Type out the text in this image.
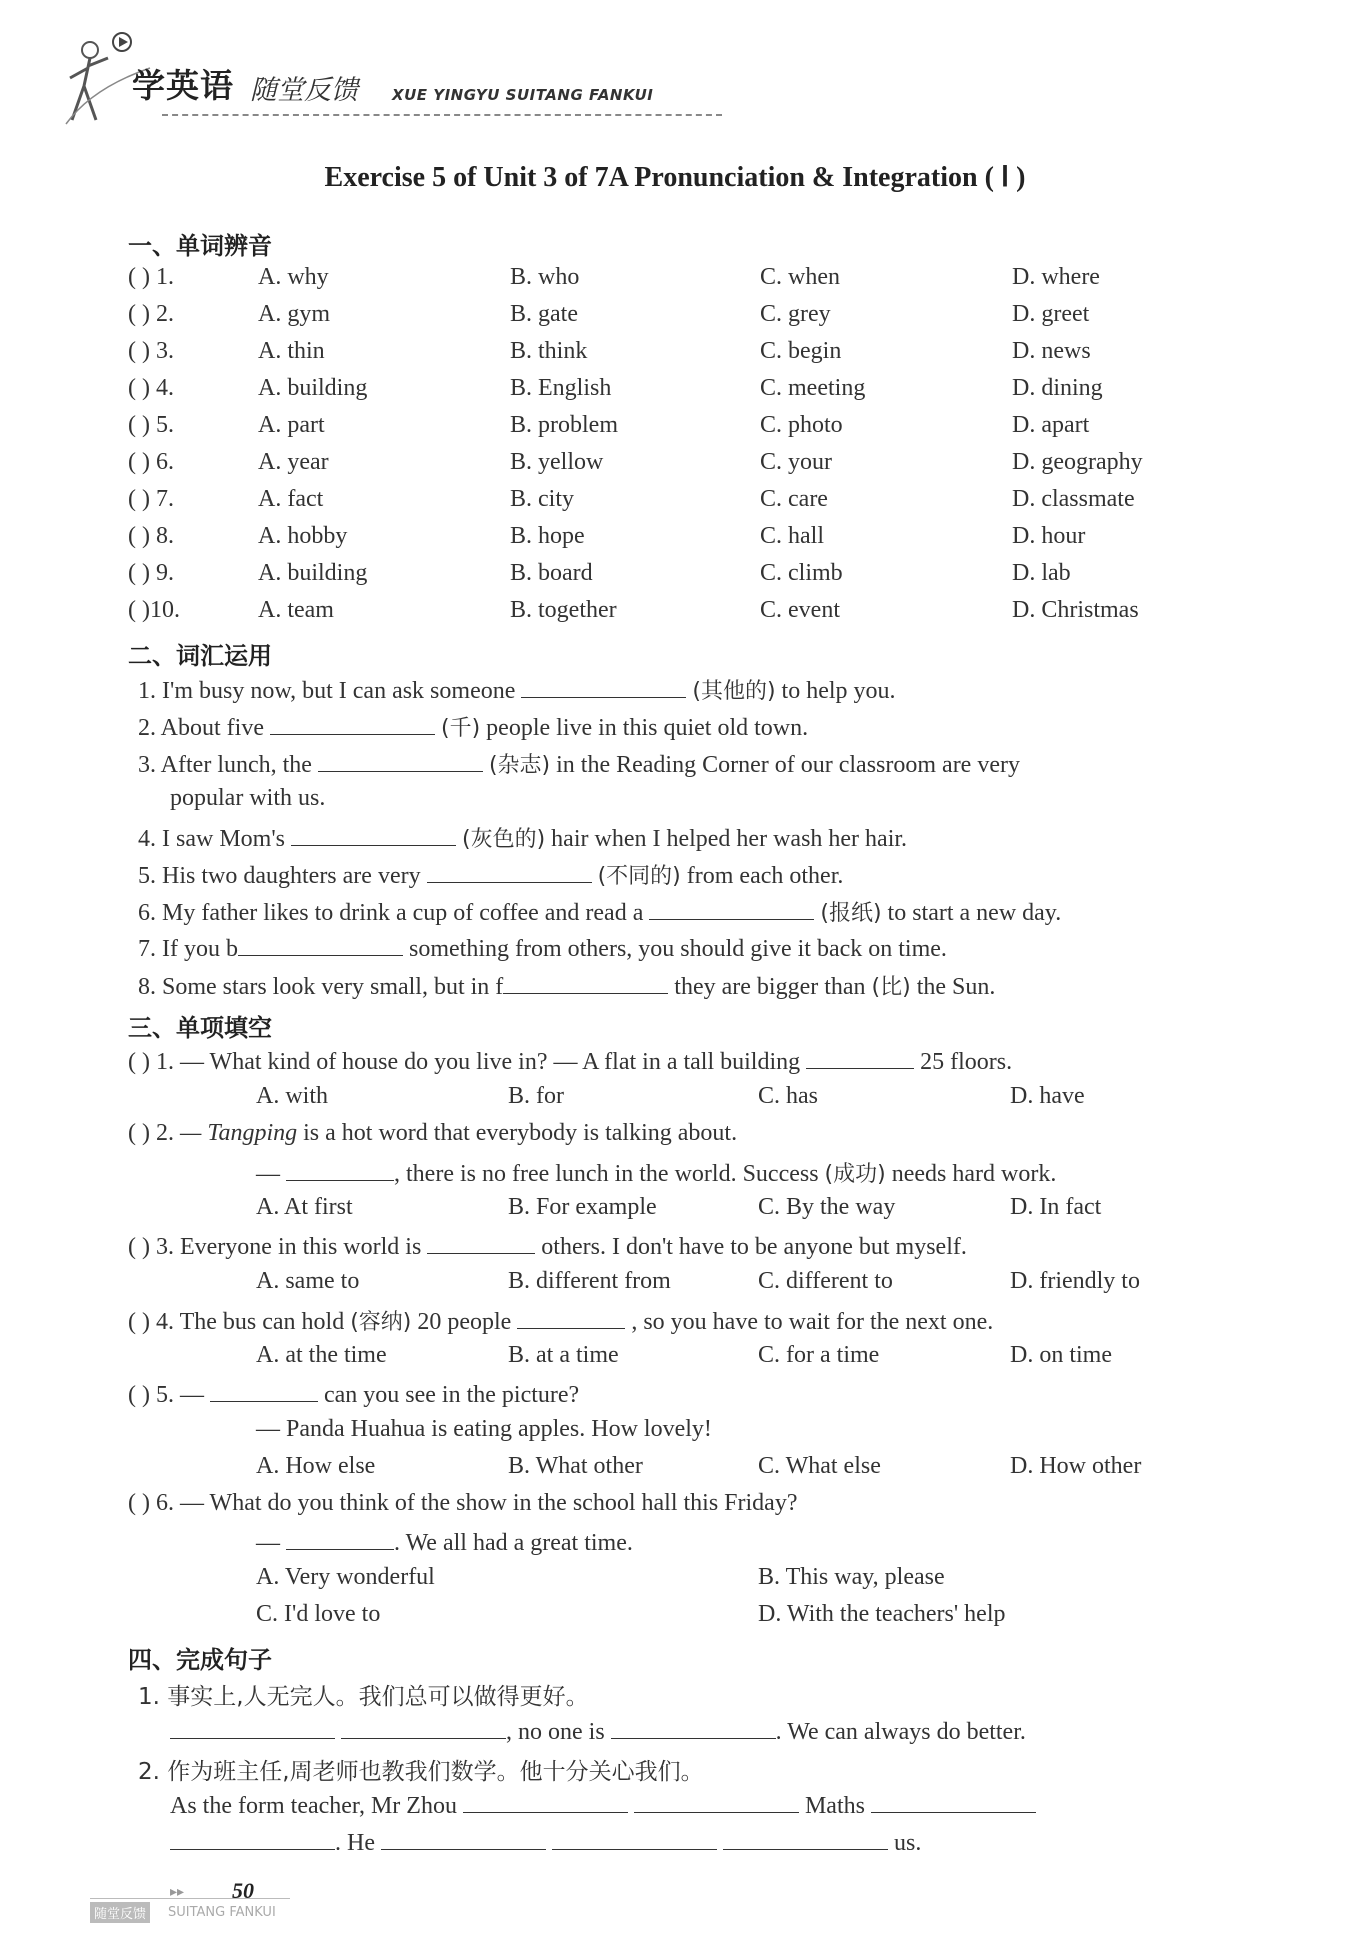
学英语 随堂反馈 XUE YINGYU SUITANG FANKUI
Exercise 5 of Unit 3 of 7A Pronunciation & Integration ( Ⅰ )
一、单词辨音
( ) 1.	A. why	B. who	C. when	D. where
( ) 2.	A. gym	B. gate	C. grey	D. greet
( ) 3.	A. thin	B. think	C. begin	D. news
( ) 4.	A. building	B. English	C. meeting	D. dining
( ) 5.	A. part	B. problem	C. photo	D. apart
( ) 6.	A. year	B. yellow	C. your	D. geography
( ) 7.	A. fact	B. city	C. care	D. classmate
( ) 8.	A. hobby	B. hope	C. hall	D. hour
( ) 9.	A. building	B. board	C. climb	D. lab
( )10.	A. team	B. together	C. event	D. Christmas
二、词汇运用
1. I'm busy now, but I can ask someone	(其他的) to help you.
2. About five	(千) people live in this quiet old town.
3. After lunch, the	(杂志) in the Reading Corner of our classroom are very
popular with us.
4. I saw Mom's	(灰色的) hair when I helped her wash her hair.
5. His two daughters are very	(不同的) from each other.
6. My father likes to drink a cup of coffee and read a	(报纸) to start a new day.
7. If you b	something from others, you should give it back on time.
8. Some stars look very small, but in f	they are bigger than (比) the Sun.
三、单项填空
( ) 1. — What kind of house do you live in? — A flat in a tall building	25 floors.
A. with	B. for	C. has	D. have
( ) 2. — Tangping is a hot word that everybody is talking about.
—	, there is no free lunch in the world. Success (成功) needs hard work.
A. At first	B. For example	C. By the way	D. In fact
( ) 3. Everyone in this world is	others. I don't have to be anyone but myself.
A. same to	B. different from	C. different to	D. friendly to
( ) 4. The bus can hold (容纳) 20 people	, so you have to wait for the next one.
A. at the time	B. at a time	C. for a time	D. on time
( ) 5. —	can you see in the picture?
— Panda Huahua is eating apples. How lovely!
A. How else	B. What other	C. What else	D. How other
( ) 6. — What do you think of the show in the school hall this Friday?
—	. We all had a great time.
A. Very wonderful	B. This way, please
C. I'd love to	D. With the teachers' help
四、完成句子
1. 事实上,人无完人。我们总可以做得更好。
, no one is	. We can always do better.
2. 作为班主任,周老师也教我们数学。他十分关心我们。
As the form teacher, Mr Zhou	Maths
. He	us.
▸▸ 50
随堂反馈	SUITANG FANKUI
